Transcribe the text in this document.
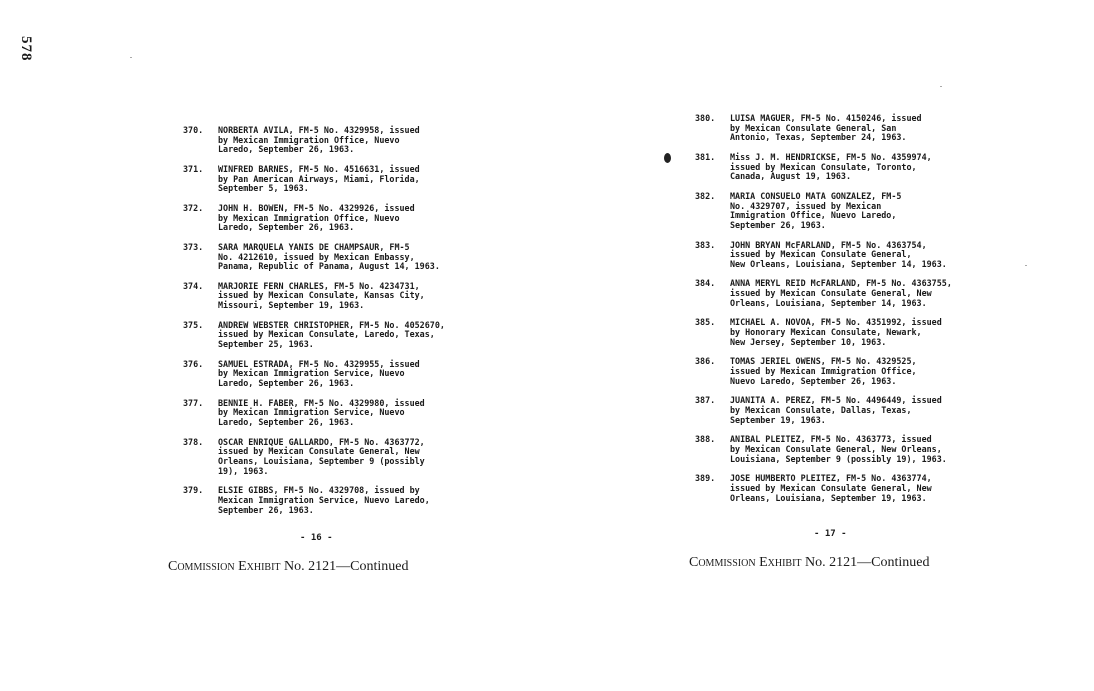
578
370.	NORBERTA AVILA, FM-5 No. 4329958, issued
by Mexican Immigration Office, Nuevo
Laredo, September 26, 1963.
371.	WINFRED BARNES, FM-5 No. 4516631, issued
by Pan American Airways, Miami, Florida,
September 5, 1963.
372.	JOHN H. BOWEN, FM-5 No. 4329926, issued
by Mexican Immigration Office, Nuevo
Laredo, September 26, 1963.
373.	SARA MARQUELA YANIS DE CHAMPSAUR, FM-5
No. 4212610, issued by Mexican Embassy,
Panama, Republic of Panama, August 14, 1963.
374.	MARJORIE FERN CHARLES, FM-5 No. 4234731,
issued by Mexican Consulate, Kansas City,
Missouri, September 19, 1963.
375.	ANDREW WEBSTER CHRISTOPHER, FM-5 No. 4052670,
issued by Mexican Consulate, Laredo, Texas,
September 25, 1963.
376.	SAMUEL ESTRADA, FM-5 No. 4329955, issued
by Mexican Immigration Service, Nuevo
Laredo, September 26, 1963.
377.	BENNIE H. FABER, FM-5 No. 4329980, issued
by Mexican Immigration Service, Nuevo
Laredo, September 26, 1963.
378.	OSCAR ENRIQUE GALLARDO, FM-5 No. 4363772,
issued by Mexican Consulate General, New
Orleans, Louisiana, September 9 (possibly
19), 1963.
379.	ELSIE GIBBS, FM-5 No. 4329708, issued by
Mexican Immigration Service, Nuevo Laredo,
September 26, 1963.
380.	LUISA MAGUER, FM-5 No. 4150246, issued
by Mexican Consulate General, San
Antonio, Texas, September 24, 1963.
381.	Miss J. M. HENDRICKSE, FM-5 No. 4359974,
issued by Mexican Consulate, Toronto,
Canada, August 19, 1963.
382.	MARIA CONSUELO MATA GONZALEZ, FM-5
No. 4329707, issued by Mexican
Immigration Office, Nuevo Laredo,
September 26, 1963.
383.	JOHN BRYAN McFARLAND, FM-5 No. 4363754,
issued by Mexican Consulate General,
New Orleans, Louisiana, September 14, 1963.
384.	ANNA MERYL REID McFARLAND, FM-5 No. 4363755,
issued by Mexican Consulate General, New
Orleans, Louisiana, September 14, 1963.
385.	MICHAEL A. NOVOA, FM-5 No. 4351992, issued
by Honorary Mexican Consulate, Newark,
New Jersey, September 10, 1963.
386.	TOMAS JERIEL OWENS, FM-5 No. 4329525,
issued by Mexican Immigration Office,
Nuevo Laredo, September 26, 1963.
387.	JUANITA A. PEREZ, FM-5 No. 4496449, issued
by Mexican Consulate, Dallas, Texas,
September 19, 1963.
388.	ANIBAL PLEITEZ, FM-5 No. 4363773, issued
by Mexican Consulate General, New Orleans,
Louisiana, September 9 (possibly 19), 1963.
389.	JOSE HUMBERTO PLEITEZ, FM-5 No. 4363774,
issued by Mexican Consulate General, New
Orleans, Louisiana, September 19, 1963.
- 16 -	- 17 -
Commission Exhibit No. 2121—Continued	Commission Exhibit No. 2121—Continued
